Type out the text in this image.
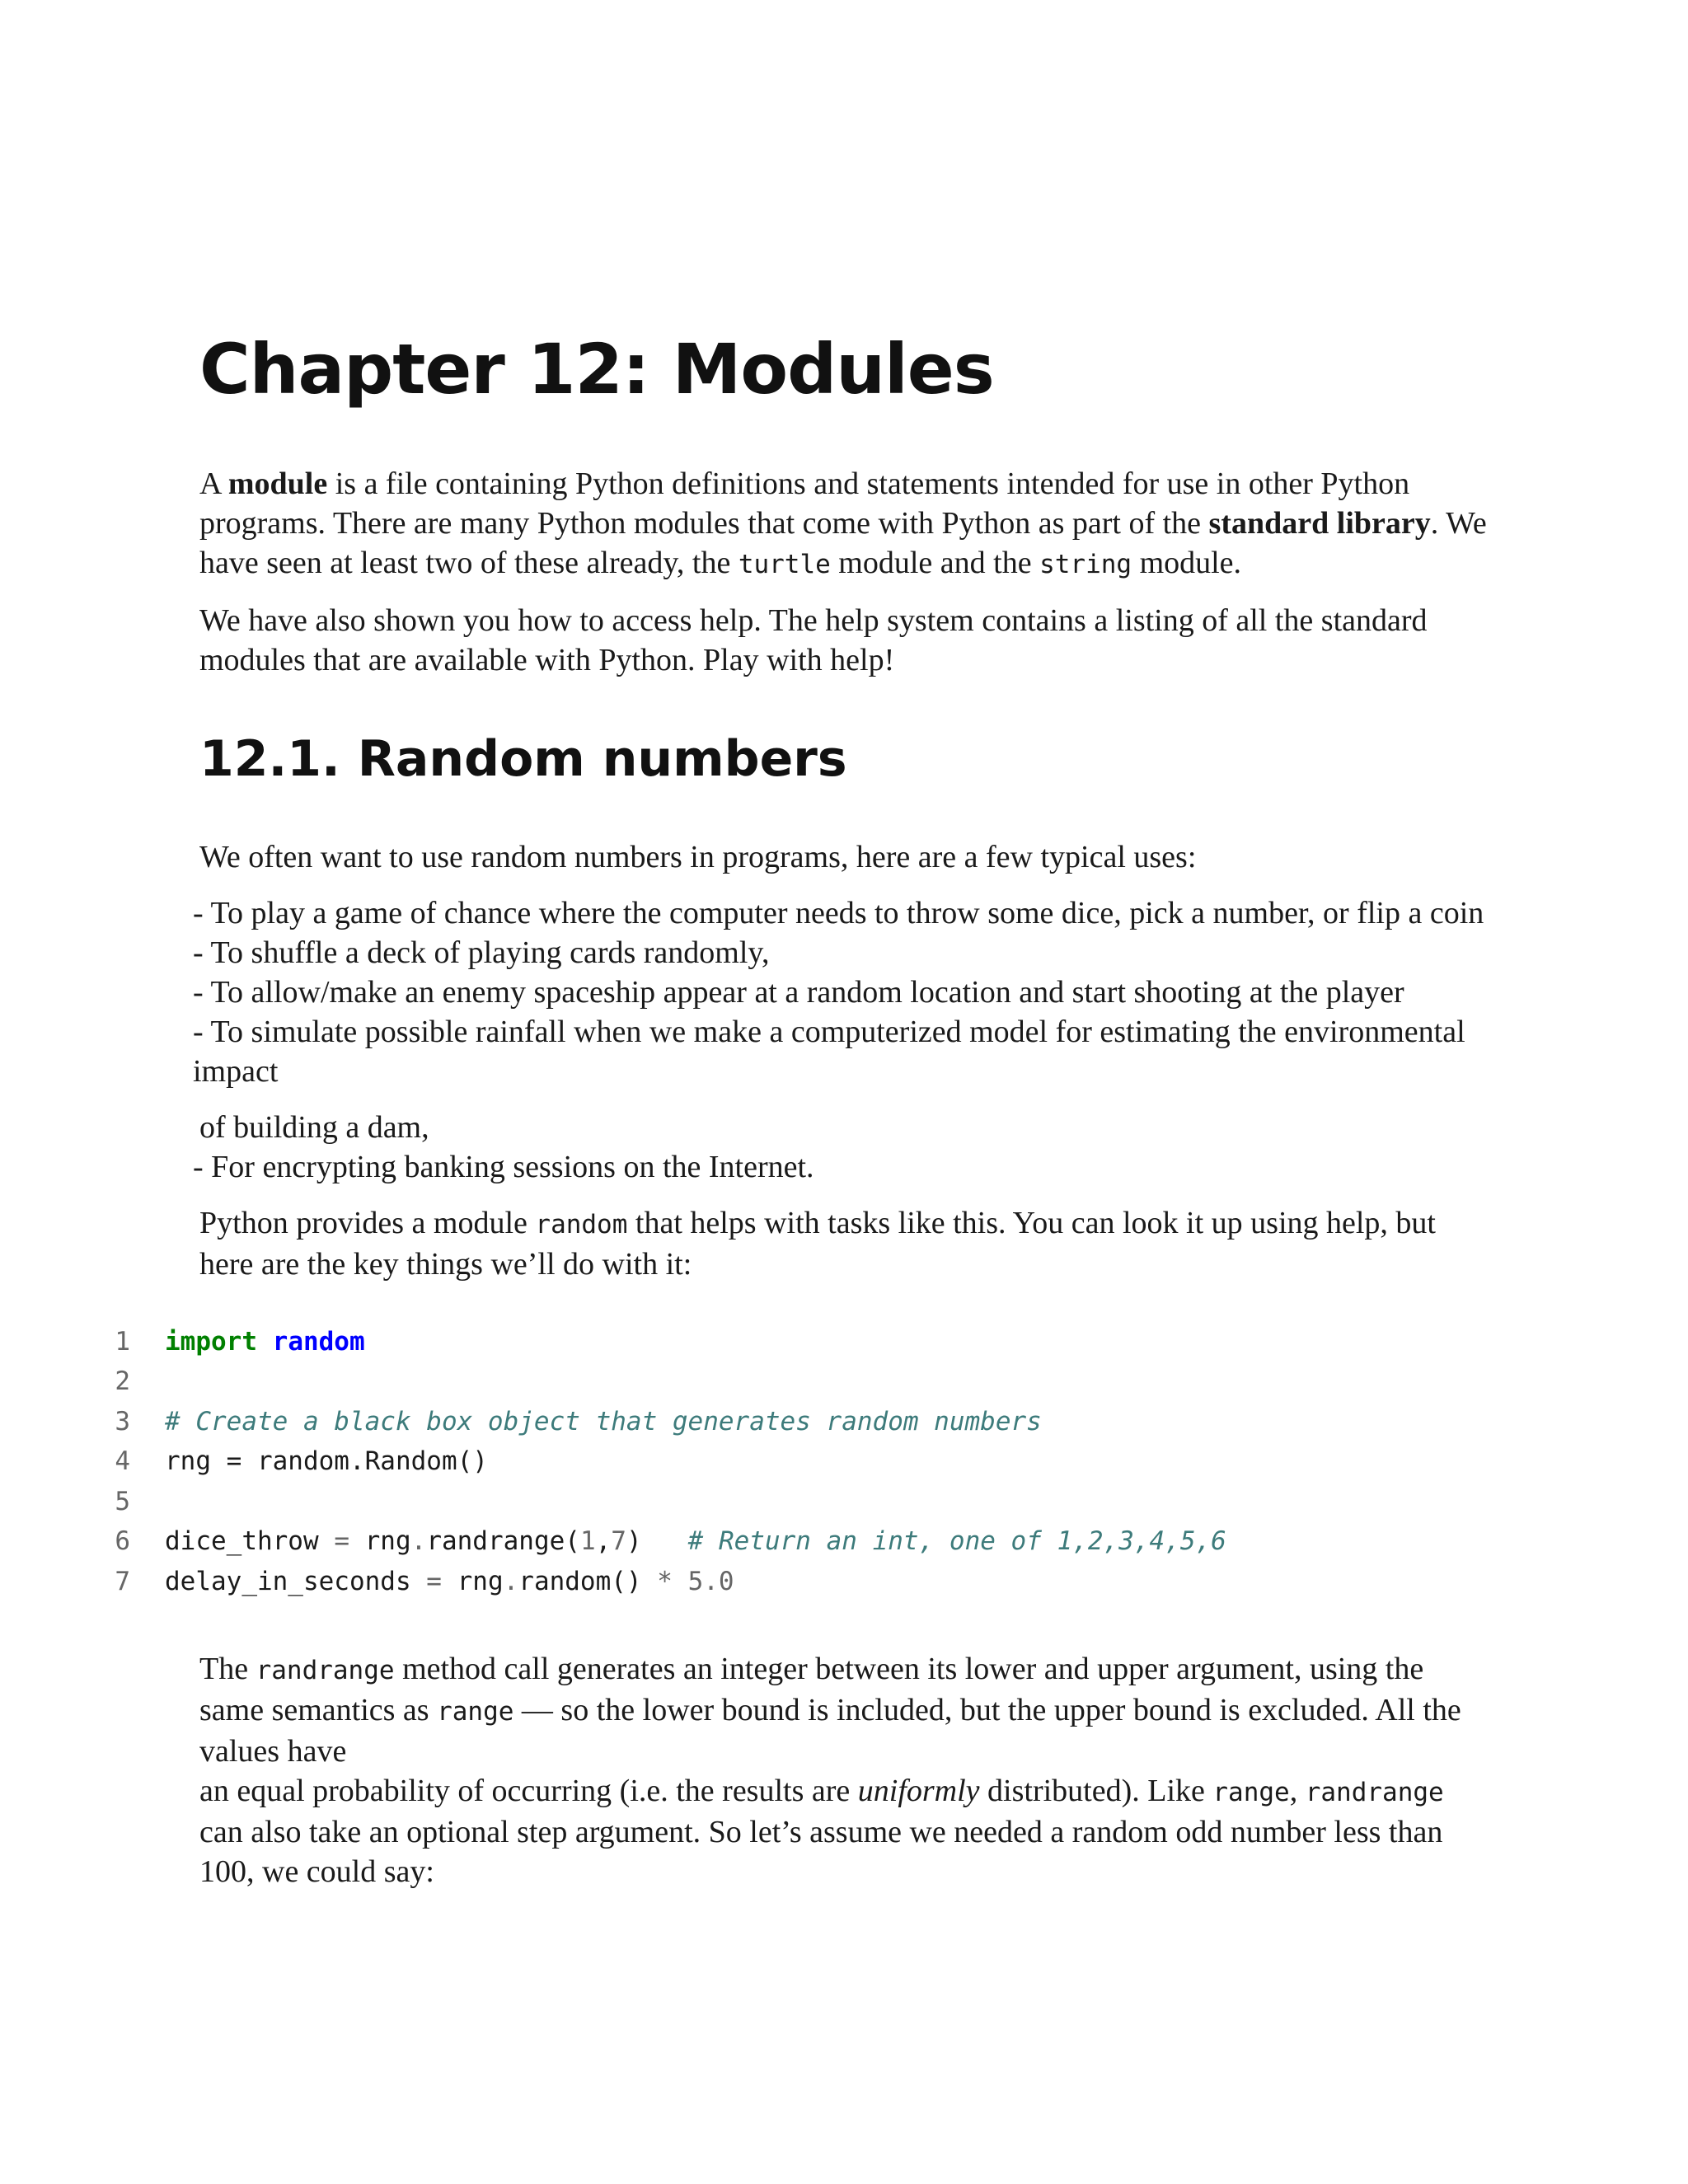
Chapter 12: Modules

A module is a file containing Python definitions and statements intended for use in other Python programs. There are many Python modules that come with Python as part of the standard library. We have seen at least two of these already, the turtle module and the string module.

We have also shown you how to access help. The help system contains a listing of all the standard modules that are available with Python. Play with help!

12.1. Random numbers

We often want to use random numbers in programs, here are a few typical uses:

- To play a game of chance where the computer needs to throw some dice, pick a number, or flip a coin
- To shuffle a deck of playing cards randomly,
- To allow/make an enemy spaceship appear at a random location and start shooting at the player
- To simulate possible rainfall when we make a computerized model for estimating the environmental impact

of building a dam,
- For encrypting banking sessions on the Internet.

Python provides a module random that helps with tasks like this. You can look it up using help, but here are the key things we’ll do with it:

1	import random
2
3	# Create a black box object that generates random numbers
4	rng = random.Random()
5
6	dice_throw = rng.randrange(1,7)   # Return an int, one of 1,2,3,4,5,6
7	delay_in_seconds = rng.random() * 5.0

The randrange method call generates an integer between its lower and upper argument, using the same semantics as range — so the lower bound is included, but the upper bound is excluded. All the values have
an equal probability of occurring (i.e. the results are uniformly distributed). Like range, randrange can also take an optional step argument. So let’s assume we needed a random odd number less than 100, we could say:
